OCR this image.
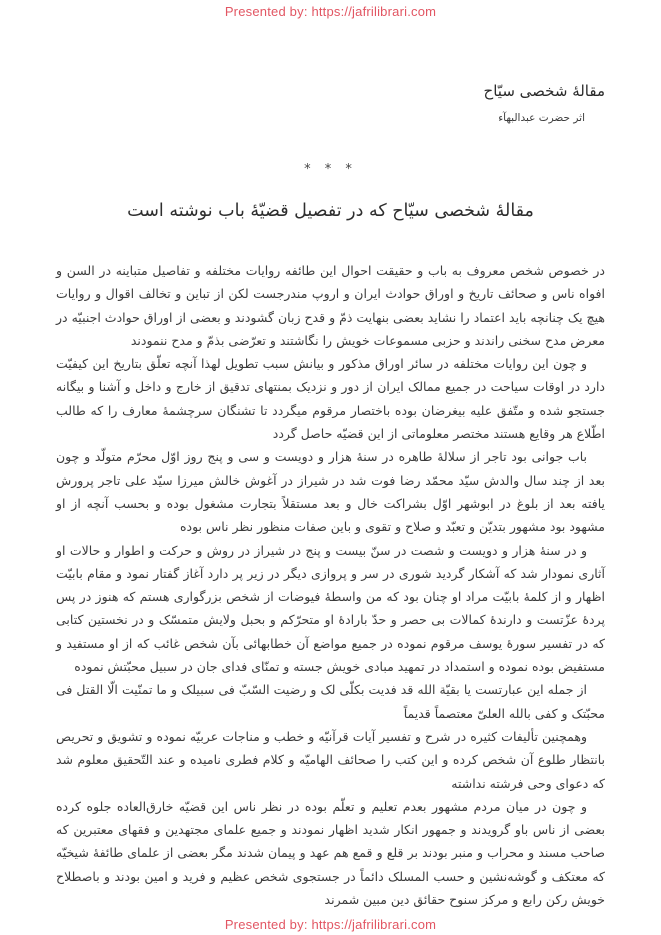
Presented by: https://jafrilibrari.com
مقالهٔ شخصی سیّاح
اثر حضرت عبدالبهآء
* * *
مقالهٔ شخصی سیّاح که در تفصیل قضیّهٔ باب نوشته است

در خصوص شخص معروف به باب و حقیقت احوال این طائفه روایات مختلفه و تفاصیل متباینه در السن و افواه ناس و صحائف تاریخ و اوراق حوادث ایران و اروپ مندرجست لکن از تباین و تخالف اقوال و روایات هیچ یک چنانچه باید اعتماد را نشاید بعضی بنهایت ذمّ و قدح زبان گشودند و بعضی از اوراق حوادث اجنبیّه در معرض مدح سخنی راندند و حزبی مسموعات خویش را نگاشتند و تعرّضی بذمّ و مدح ننمودند

و چون این روایات مختلفه در سائر اوراق مذکور و بیانش سبب تطویل لهذا آنچه تعلّق بتاریخ این کیفیّت دارد در اوقات سیاحت در جمیع ممالک ایران از دور و نزدیک بمنتهای تدقیق از خارج و داخل و آشنا و بیگانه جستجو شده و متّفق علیه بیغرضان بوده باختصار مرقوم میگردد تا تشنگان سرچشمهٔ معارف را که طالب اطّلاع هر وقایع هستند مختصر معلوماتی از این قضیّه حاصل گردد

باب جوانی بود تاجر از سلالهٔ طاهره در سنهٔ هزار و دویست و سی و پنج روز اوّل محرّم متولّد و چون بعد از چند سال والدش سیّد محمّد رضا فوت شد در شیراز در آغوش خالش میرزا سیّد علی تاجر پرورش یافته بعد از بلوغ در ابوشهر اوّل بشراکت خال و بعد مستقلاً بتجارت مشغول بوده و بحسب آنچه از او مشهود بود مشهور بتدیّن و تعبّد و صلاح و تقوی و باین صفات منظور نظر ناس بوده

و در سنهٔ هزار و دویست و شصت در سنّ بیست و پنج در شیراز در روش و حرکت و اطوار و حالات او آثاری نمودار شد که آشکار گردید شوری در سر و پروازی دیگر در زیر پر دارد آغاز گفتار نمود و مقام بابیّت اظهار و از کلمهٔ بابیّت مراد او چنان بود که من واسطهٔ فیوضات از شخص بزرگواری هستم که هنوز در پس پردهٔ عزّتست و دارندهٔ کمالات بی حصر و حدّ بارادهٔ او متحرّکم و بحبل ولایش متمسّک و در نخستین کتابی که در تفسیر سورهٔ یوسف مرقوم نموده در جمیع مواضع آن خطابهائی بآن شخص غائب که از او مستفید و مستفیض بوده نموده و استمداد در تمهید مبادی خویش جسته و تمنّای فدای جان در سبیل محبّتش نموده

از جمله این عبارتست یا بقیّة الله قد فدیت بکلّی لک و رضیت السّبّ فی سبیلک و ما تمنّیت الّا القتل فی محبّتک و کفی بالله العلیّ معتصماً قدیماً

وهمچنین تألیفات کثیره در شرح و تفسیر آیات قرآنیّه و خطب و مناجات عربیّه نموده و تشویق و تحریص بانتظار طلوع آن شخص کرده و این کتب را صحائف الهامیّه و کلام فطری نامیده و عند التّحقیق معلوم شد که دعوای وحی فرشته نداشته

و چون در میان مردم مشهور بعدم تعلیم و تعلّم بوده در نظر ناس این قضیّه خارق‌العاده جلوه کرده بعضی از ناس باو گرویدند و جمهور انکار شدید اظهار نمودند و جمیع علمای مجتهدین و فقهای معتبرین که صاحب مسند و محراب و منبر بودند بر قلع و قمع هم عهد و پیمان شدند مگر بعضی از علمای طائفهٔ شیخیّه که معتکف و گوشه‌نشین و حسب المسلک دائماً در جستجوی شخص عظیم و فرید و امین بودند و باصطلاح خویش رکن رابع و مرکز سنوح حقائق دین مبین شمرند

Presented by: https://jafrilibrari.com
